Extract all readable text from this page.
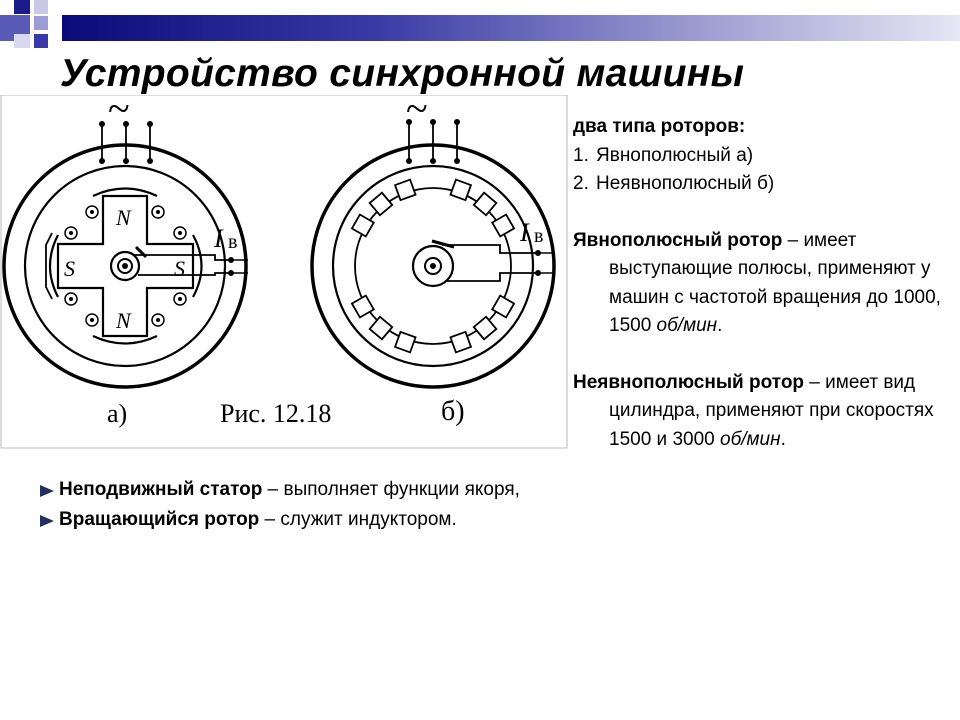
Устройство синхронной машины
~	~
N
N
S	S
I в	I в
а)	Рис. 12.18	б)

два типа роторов:

1. Явнополюсный а)

2. Неявнополюсный б)

Явнополюсный ротор – имеет выступающие полюсы, применяют у машин с частотой вращения до 1000, 1500 об/мин.

Неявнополюсный ротор – имеет вид цилиндра, применяют при скоростях 1500 и 3000 об/мин.

Неподвижный статор – выполняет функции якоря,
Вращающийся ротор – служит индуктором.
